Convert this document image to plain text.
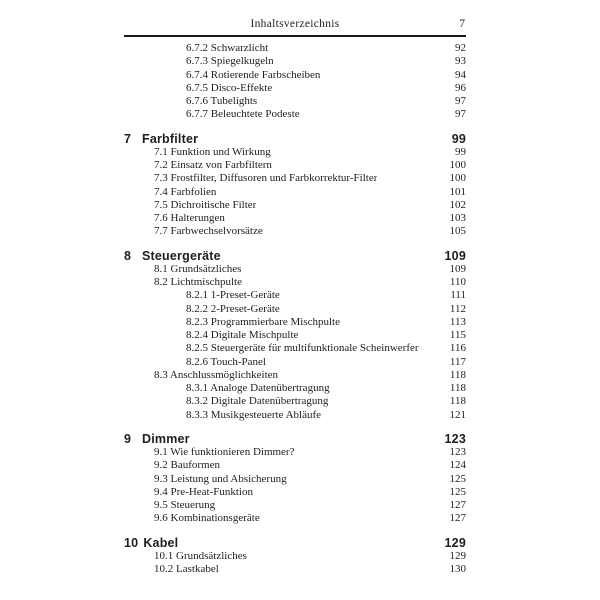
Inhaltsverzeichnis	7
6.7.2 Schwarzlicht	92
6.7.3 Spiegelkugeln	93
6.7.4 Rotierende Farbscheiben	94
6.7.5 Disco-Effekte	96
6.7.6 Tubelights	97
6.7.7 Beleuchtete Podeste	97
7 Farbfilter	99
7.1 Funktion und Wirkung	99
7.2 Einsatz von Farbfiltern	100
7.3 Frostfilter, Diffusoren und Farbkorrektur-Filter	100
7.4 Farbfolien	101
7.5 Dichroitische Filter	102
7.6 Halterungen	103
7.7 Farbwechselvorsätze	105
8 Steuergeräte	109
8.1 Grundsätzliches	109
8.2 Lichtmischpulte	110
8.2.1 1-Preset-Geräte	111
8.2.2 2-Preset-Geräte	112
8.2.3 Programmierbare Mischpulte	113
8.2.4 Digitale Mischpulte	115
8.2.5 Steuergeräte für multifunktionale Scheinwerfer	116
8.2.6 Touch-Panel	117
8.3 Anschlussmöglichkeiten	118
8.3.1 Analoge Datenübertragung	118
8.3.2 Digitale Datenübertragung	118
8.3.3 Musikgesteuerte Abläufe	121
9 Dimmer	123
9.1 Wie funktionieren Dimmer?	123
9.2 Bauformen	124
9.3 Leistung und Absicherung	125
9.4 Pre-Heat-Funktion	125
9.5 Steuerung	127
9.6 Kombinationsgeräte	127
10 Kabel	129
10.1 Grundsätzliches	129
10.2 Lastkabel	130
